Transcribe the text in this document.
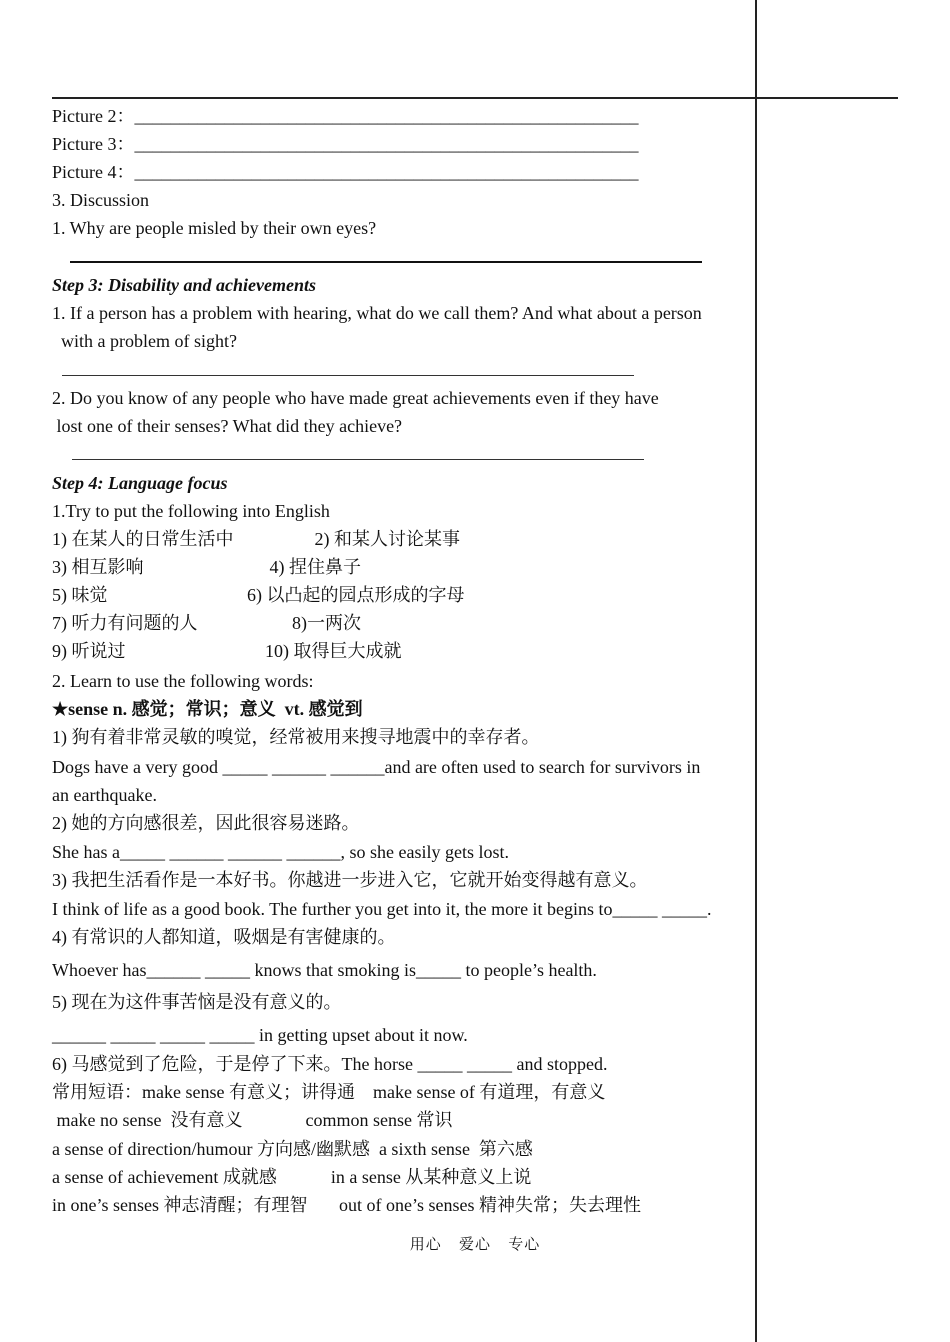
Picture 2：________________________________________________________
Picture 3：________________________________________________________
Picture 4：________________________________________________________
3. Discussion
1. Why are people misled by their own eyes?
Step 3: Disability and achievements
1. If a person has a problem with hearing, what do we call them? And what about a person
with a problem of sight?
2. Do you know of any people who have made great achievements even if they have
lost one of their senses? What did they achieve?
Step 4: Language focus
1.Try to put the following into English
1) 在某人的日常生活中                  2) 和某人讨论某事
3) 相互影响                            4) 捏住鼻子
5) 味觉                               6) 以凸起的园点形成的字母
7) 听力有问题的人                     8)一两次
9) 听说过                               10) 取得巨大成就
2. Learn to use the following words:
★sense n. 感觉；常识；意义  vt. 感觉到
1) 狗有着非常灵敏的嗅觉，经常被用来搜寻地震中的幸存者。
Dogs have a very good _____ ______ ______and are often used to search for survivors in
an earthquake.
2) 她的方向感很差，因此很容易迷路。
She has a_____ ______ ______ ______, so she easily gets lost.
3) 我把生活看作是一本好书。你越进一步进入它，它就开始变得越有意义。
I think of life as a good book. The further you get into it, the more it begins to_____ _____.
4) 有常识的人都知道，吸烟是有害健康的。
Whoever has______ _____ knows that smoking is_____ to people’s health.
5) 现在为这件事苦恼是没有意义的。
______ _____ _____ _____ in getting upset about it now.
6) 马感觉到了危险，于是停了下来。The horse _____ _____ and stopped.
常用短语：make sense 有意义；讲得通    make sense of 有道理，有意义
make no sense  没有意义              common sense 常识
a sense of direction/humour 方向感/幽默感  a sixth sense  第六感
a sense of achievement 成就感            in a sense 从某种意义上说
in one’s senses 神志清醒；有理智       out of one’s senses 精神失常；失去理性
用心   爱心   专心
